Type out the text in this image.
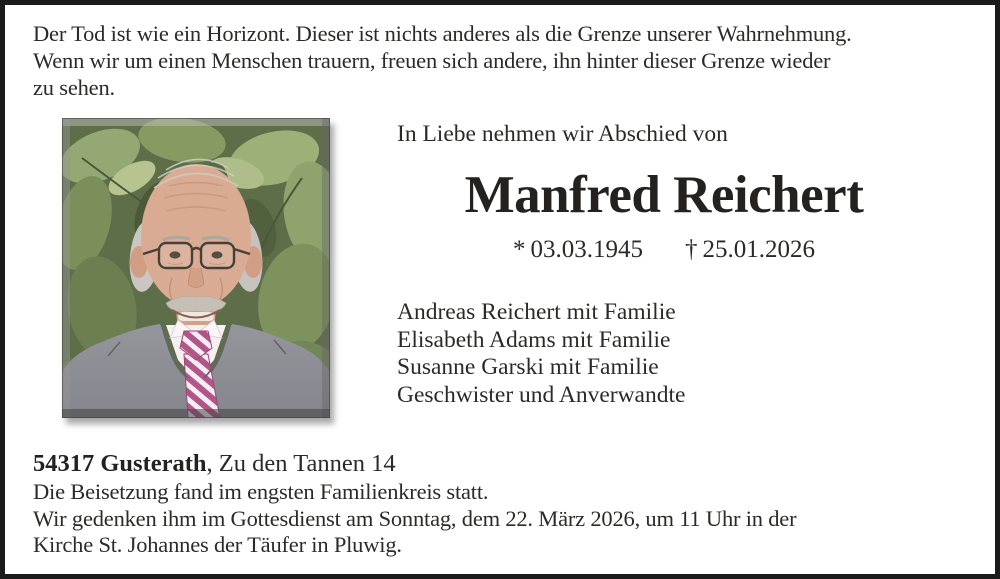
Der Tod ist wie ein Horizont. Dieser ist nichts anderes als die Grenze unserer Wahrnehmung.
Wenn wir um einen Menschen trauern, freuen sich andere, ihn hinter dieser Grenze wieder
zu sehen.
In Liebe nehmen wir Abschied von
Manfred Reichert
* 03.03.1945 † 25.01.2026
Andreas Reichert mit Familie
Elisabeth Adams mit Familie
Susanne Garski mit Familie
Geschwister und Anverwandte
54317 Gusterath, Zu den Tannen 14
Die Beisetzung fand im engsten Familienkreis statt.
Wir gedenken ihm im Gottesdienst am Sonntag, dem 22. März 2026, um 11 Uhr in der
Kirche St. Johannes der Täufer in Pluwig.
